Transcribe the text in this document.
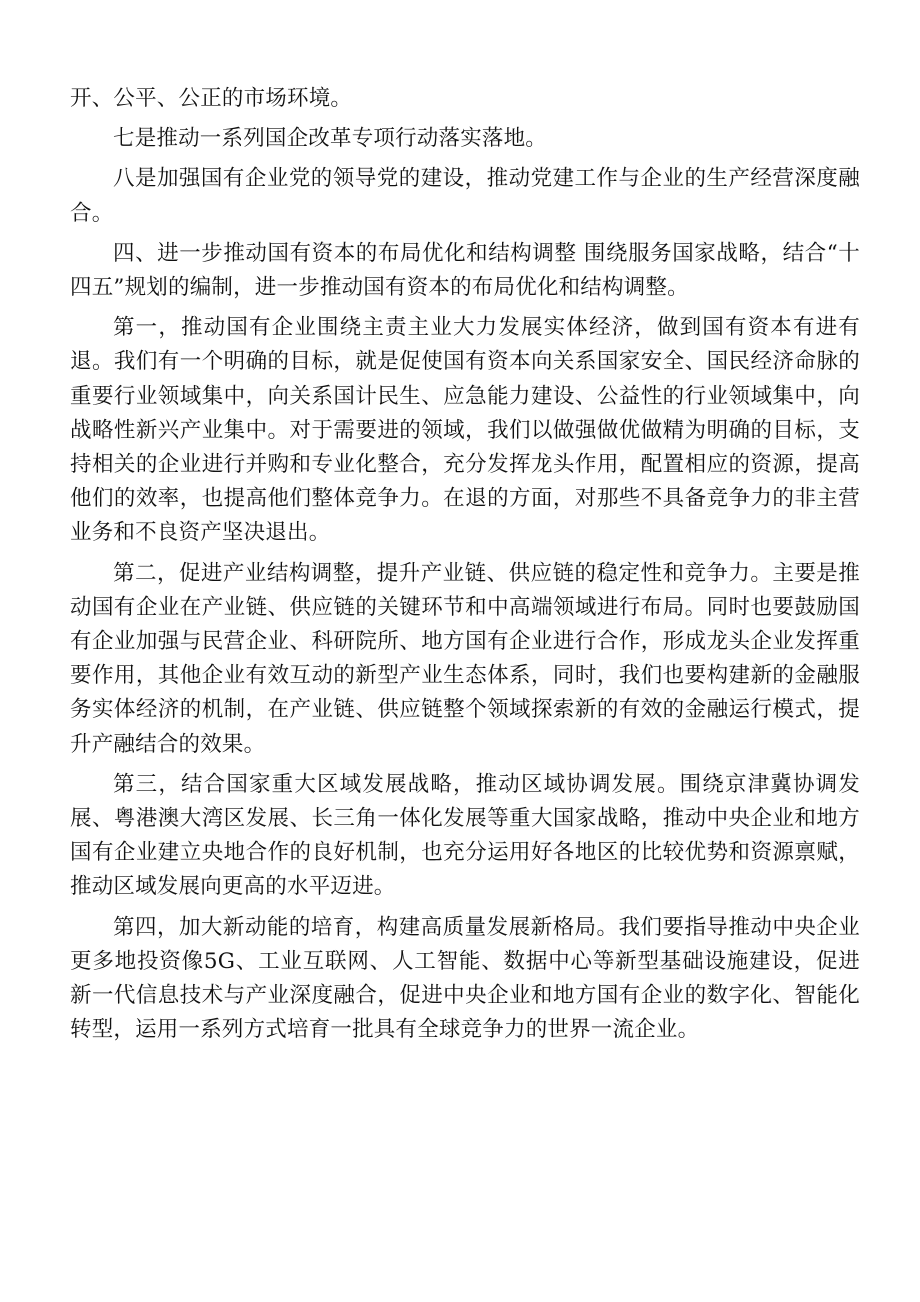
开、公平、公正的市场环境。

七是推动一系列国企改革专项行动落实落地。

八是加强国有企业党的领导党的建设，推动党建工作与企业的生产经营深度融合。

四、进一步推动国有资本的布局优化和结构调整 围绕服务国家战略，结合“十四五”规划的编制，进一步推动国有资本的布局优化和结构调整。

第一，推动国有企业围绕主责主业大力发展实体经济，做到国有资本有进有退。我们有一个明确的目标，就是促使国有资本向关系国家安全、国民经济命脉的重要行业领域集中，向关系国计民生、应急能力建设、公益性的行业领域集中，向战略性新兴产业集中。对于需要进的领域，我们以做强做优做精为明确的目标，支持相关的企业进行并购和专业化整合，充分发挥龙头作用，配置相应的资源，提高他们的效率，也提高他们整体竞争力。在退的方面，对那些不具备竞争力的非主营业务和不良资产坚决退出。

第二，促进产业结构调整，提升产业链、供应链的稳定性和竞争力。主要是推动国有企业在产业链、供应链的关键环节和中高端领域进行布局。同时也要鼓励国有企业加强与民营企业、科研院所、地方国有企业进行合作，形成龙头企业发挥重要作用，其他企业有效互动的新型产业生态体系，同时，我们也要构建新的金融服务实体经济的机制，在产业链、供应链整个领域探索新的有效的金融运行模式，提升产融结合的效果。

第三，结合国家重大区域发展战略，推动区域协调发展。围绕京津冀协调发展、粤港澳大湾区发展、长三角一体化发展等重大国家战略，推动中央企业和地方国有企业建立央地合作的良好机制，也充分运用好各地区的比较优势和资源禀赋，推动区域发展向更高的水平迈进。

第四，加大新动能的培育，构建高质量发展新格局。我们要指导推动中央企业更多地投资像5G、工业互联网、人工智能、数据中心等新型基础设施建设，促进新一代信息技术与产业深度融合，促进中央企业和地方国有企业的数字化、智能化转型，运用一系列方式培育一批具有全球竞争力的世界一流企业。
